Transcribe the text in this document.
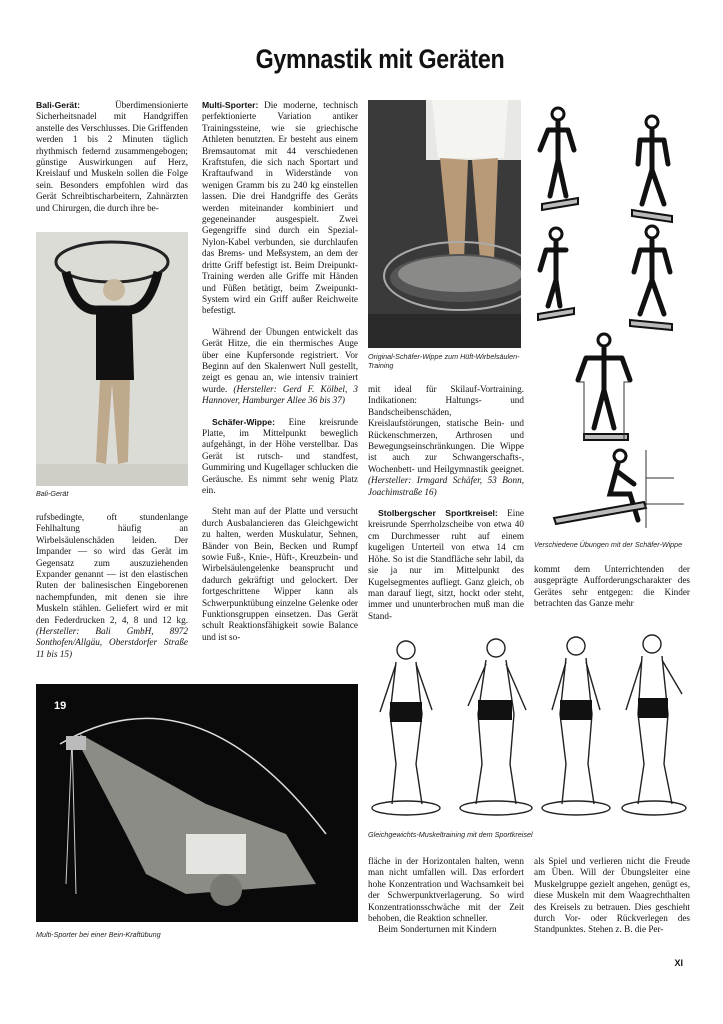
Gymnastik mit Geräten

Bali-Gerät: Überdimensionierte Sicherheitsnadel mit Handgriffen anstelle des Verschlusses. Die Griffenden werden 1 bis 2 Minuten täglich rhythmisch federnd zusammengebogen; günstige Auswirkungen auf Herz, Kreislauf und Muskeln sollen die Folge sein. Besonders empfohlen wird das Gerät Schreibtischarbeitern, Zahnärzten und Chirurgen, die durch ihre be-

Bali-Gerät

rufsbedingte, oft stundenlange Fehlhaltung häufig an Wirbelsäulenschäden leiden. Der Impander — so wird das Gerät im Gegensatz zum auszuziehenden Expander genannt — ist den elastischen Ruten der balinesischen Eingeborenen nachempfunden, mit denen sie ihre Muskeln stählen. Geliefert wird er mit den Federdrucken 2, 4, 8 und 12 kg. (Hersteller: Bali GmbH, 8972 Sonthofen/Allgäu, Oberstdorfer Straße 11 bis 15)

Multi-Sporter: Die moderne, technisch perfektionierte Variation antiker Trainingssteine, wie sie griechische Athleten benutzten. Er besteht aus einem Bremsautomat mit 44 verschiedenen Kraftstufen, die sich nach Sportart und Kraftaufwand in Widerstände von wenigen Gramm bis zu 240 kg einstellen lassen. Die drei Handgriffe des Geräts werden miteinander kombiniert und gegeneinander ausgespielt. Zwei Gegengriffe sind durch ein Spezial-Nylon-Kabel verbunden, sie durchlaufen das Brems- und Meßsystem, an dem der dritte Griff befestigt ist. Beim Dreipunkt-Training werden alle Griffe mit Händen und Füßen betätigt, beim Zweipunkt-System wird ein Griff außer Reichweite befestigt.

Während der Übungen entwickelt das Gerät Hitze, die ein thermisches Auge über eine Kupfersonde registriert. Vor Beginn auf den Skalenwert Null gestellt, zeigt es genau an, wie intensiv trainiert wurde. (Hersteller: Gerd F. Kölbel, 3 Hannover, Hamburger Allee 36 bis 37)

Schäfer-Wippe: Eine kreisrunde Platte, im Mittelpunkt beweglich aufgehängt, in der Höhe verstellbar. Das Gerät ist rutsch- und standfest, Gummiring und Kugellager schlucken die Geräusche. Es nimmt sehr wenig Platz ein.

Steht man auf der Platte und versucht durch Ausbalancieren das Gleichgewicht zu halten, werden Muskulatur, Sehnen, Bänder von Bein, Becken und Rumpf sowie Fuß-, Knie-, Hüft-, Kreuzbein- und Wirbelsäulengelenke beansprucht und dadurch gekräftigt und gelockert. Der fortgeschrittene Wipper kann als Schwerpunktübung einzelne Gelenke oder Funktionsgruppen einsetzen. Das Gerät schult Reaktionsfähigkeit sowie Balance und ist so-

Original-Schäfer-Wippe zum Hüft-Wirbelsäulen-Training

mit ideal für Skilauf-Vortraining. Indikationen: Haltungs- und Bandscheibenschäden, Kreislaufstörungen, statische Bein- und Rückenschmerzen, Arthrosen und Bewegungseinschränkungen. Die Wippe ist auch zur Schwangerschafts-, Wochenbett- und Heilgymnastik geeignet. (Hersteller: Irmgard Schäfer, 53 Bonn, Joachimstraße 16)

Stolbergscher Sportkreisel: Eine kreisrunde Sperrholzscheibe von etwa 40 cm Durchmesser ruht auf einem kugeligen Unterteil von etwa 14 cm Höhe. So ist die Standfläche sehr labil, da sie ja nur im Mittelpunkt des Kugelsegmentes aufliegt. Ganz gleich, ob man darauf liegt, sitzt, hockt oder steht, immer und ununterbrochen muß man die Stand-

Verschiedene Übungen mit der Schäfer-Wippe

kommt dem Unterrichtenden der ausgeprägte Aufforderungscharakter des Gerätes sehr entgegen: die Kinder betrachten das Ganze mehr

Gleichgewichts-Muskeltraining mit dem Sportkreisel
19
Multi-Sporter bei einer Bein-Kraftübung

fläche in der Horizontalen halten, wenn man nicht umfallen will. Das erfordert hohe Konzentration und Wachsamkeit bei der Schwerpunktverlagerung. So wird Konzentrationsschwäche mit der Zeit behoben, die Reaktion schneller.

Beim Sonderturnen mit Kindern

als Spiel und verlieren nicht die Freude am Üben. Will der Übungsleiter eine Muskelgruppe gezielt angehen, genügt es, diese Muskeln mit dem Waagrechthalten des Kreisels zu betrauen. Dies geschieht durch Vor- oder Rückverlegen des Standpunktes. Stehen z. B. die Per-

XI
